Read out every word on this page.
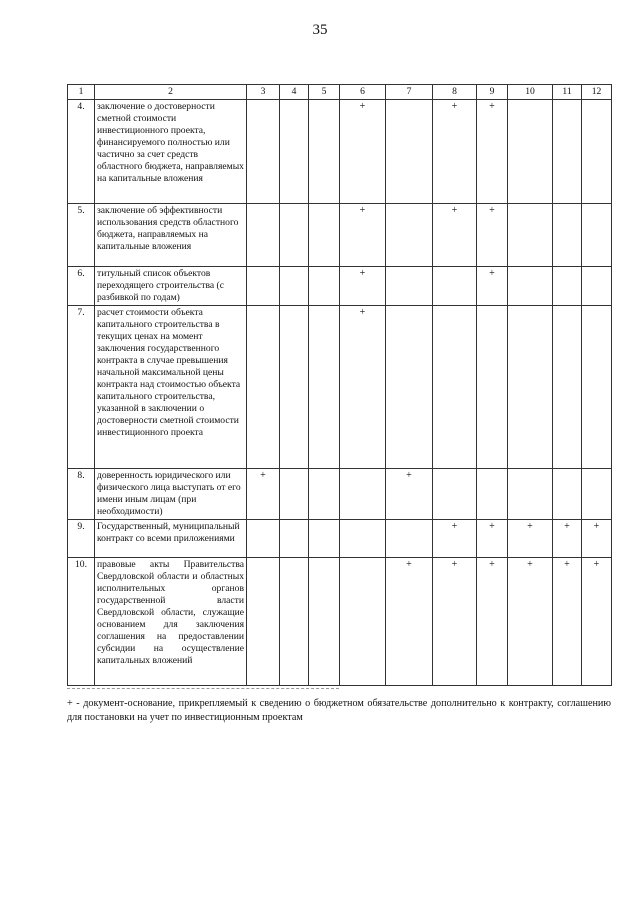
35
1	2	3	4	5	6	7	8	9	10	11	12
4.	заключение о достоверности сметной стоимости инвестиционного проекта, финансируемого полностью или частично за счет средств областного бюджета, направляемых на капитальные вложения				+		+	+			
5.	заключение об эффективности использования средств областного бюджета, направляемых на капитальные вложения				+		+	+			
6.	титульный список объектов переходящего строительства (с разбивкой по годам)				+			+			
7.	расчет стоимости объекта капитального строительства в текущих ценах на момент заключения государственного контракта в случае превышения начальной максимальной цены контракта над стоимостью объекта капитального строительства, указанной в заключении о достоверности сметной стоимости инвестиционного проекта				+						
8.	доверенность юридического или физического лица выступать от его имени иным лицам (при необходимости)	+				+					
9.	Государственный, муниципальный контракт со всеми приложениями						+	+	+	+	+
10.	правовые акты Правительства Свердловской области и областных исполнительных органов государственной власти Свердловской области, служащие основанием для заключения соглашения на предоставлении субсидии на осуществление капитальных вложений					+	+	+	+	+	+
+ - документ-основание, прикрепляемый к сведению о бюджетном обязательстве дополнительно к контракту, соглашению для постановки на учет по инвестиционным проектам
